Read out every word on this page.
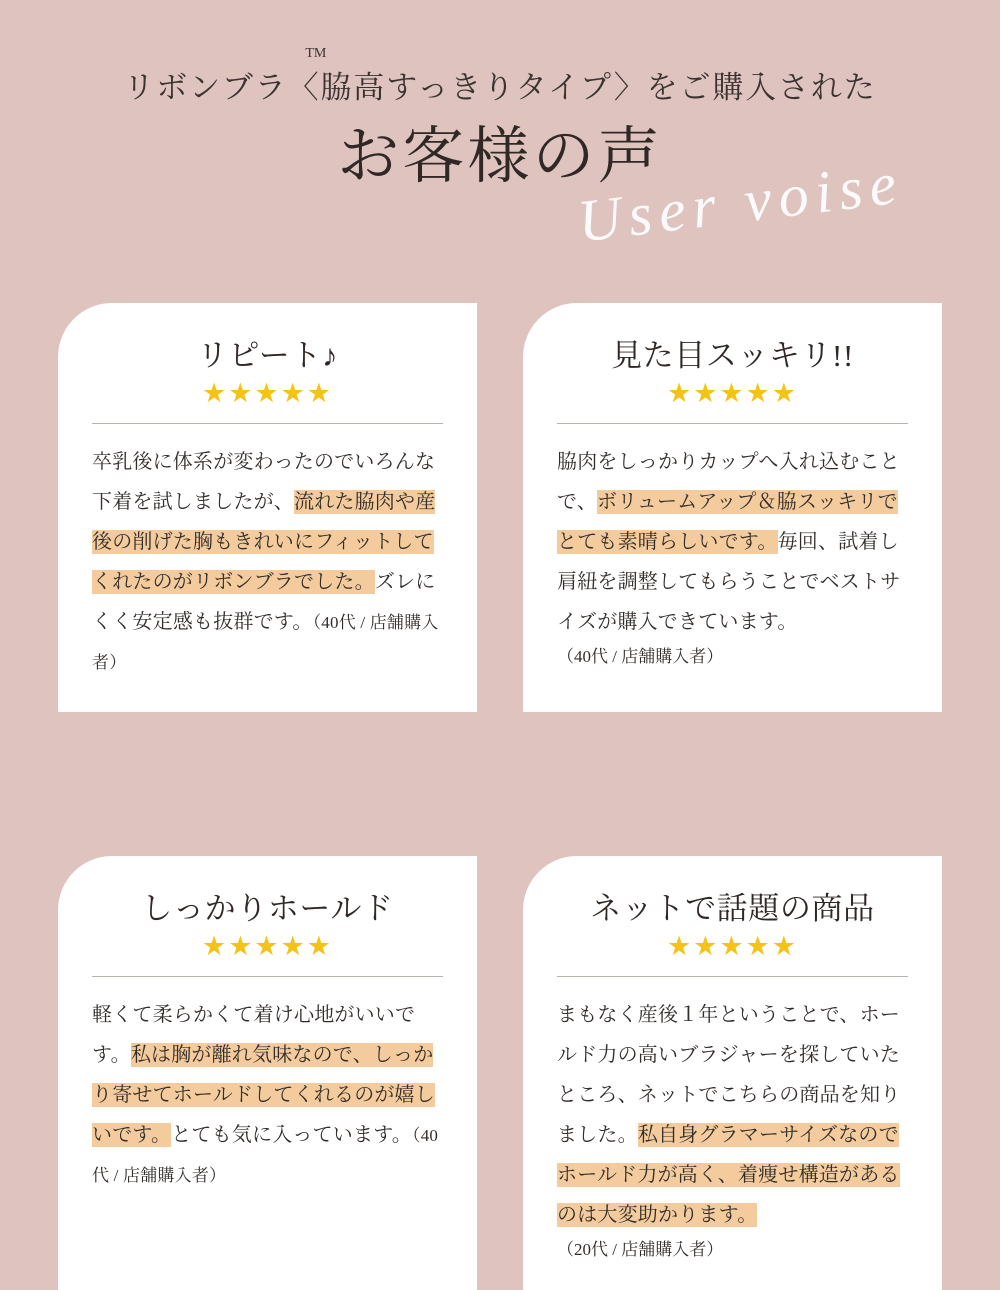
リボンブラ〈脇高すっきりタイプ〉をご購入された
TM
お客様の声
User voise
リピート♪
★★★★★

卒乳後に体系が変わったのでいろんな下着を試しましたが、流れた脇肉や産後の削げた胸もきれいにフィットしてくれたのがリボンブラでした。ズレにくく安定感も抜群です。（40代 / 店舗購入者）

見た目スッキリ!!
★★★★★

脇肉をしっかりカップへ入れ込むことで、ボリュームアップ＆脇スッキリでとても素晴らしいです。毎回、試着し肩紐を調整してもらうことでベストサイズが購入できています。

（40代 / 店舗購入者）
しっかりホールド
★★★★★

軽くて柔らかくて着け心地がいいです。私は胸が離れ気味なので、しっかり寄せてホールドしてくれるのが嬉しいです。とても気に入っています。（40代 / 店舗購入者）

ネットで話題の商品
★★★★★

まもなく産後１年ということで、ホールド力の高いブラジャーを探していたところ、ネットでこちらの商品を知りました。私自身グラマーサイズなのでホールド力が高く、着痩せ構造があるのは大変助かります。

（20代 / 店舗購入者）
